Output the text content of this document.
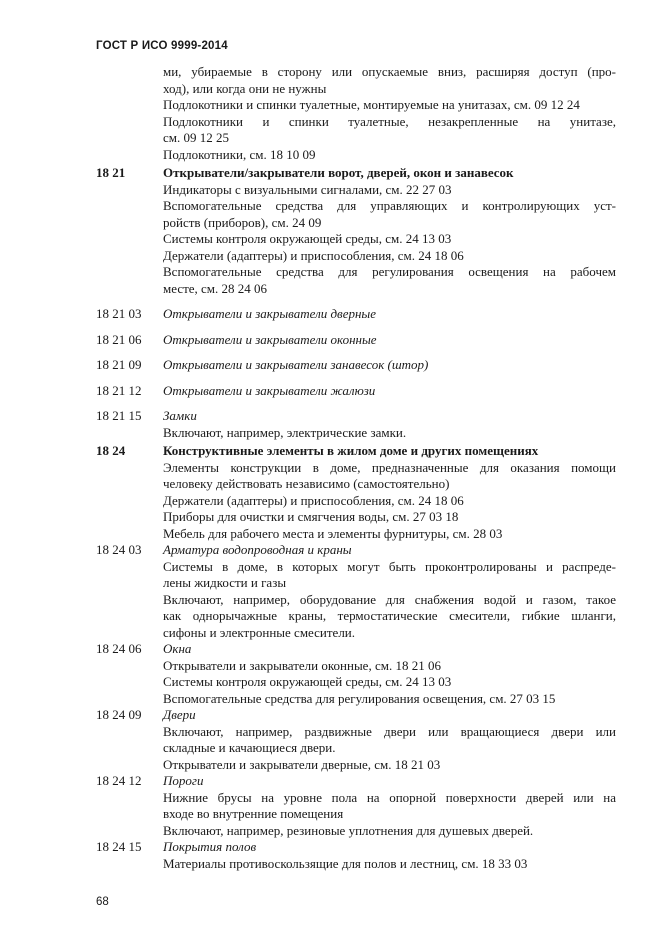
ГОСТ Р ИСО 9999-2014
ми, убираемые в сторону или опускаемые вниз, расширяя доступ (про-
ход), или когда они не нужны
Подлокотники и спинки туалетные, монтируемые на унитазах, см. 09 12 24
Подлокотники и спинки туалетные, незакрепленные на унитазе,
см. 09 12 25
Подлокотники, см. 18 10 09
18 21	Открыватели/закрыватели ворот, дверей, окон и занавесок
Индикаторы с визуальными сигналами, см. 22 27 03
Вспомогательные средства для управляющих и контролирующих уст-
ройств (приборов), см. 24 09
Системы контроля окружающей среды, см. 24 13 03
Держатели (адаптеры) и приспособления, см. 24 18 06
Вспомогательные средства для регулирования освещения на рабочем
месте, см. 28 24 06
18 21 03	Открыватели и закрыватели дверные
18 21 06	Открыватели и закрыватели оконные
18 21 09	Открыватели и закрыватели занавесок (штор)
18 21 12	Открыватели и закрыватели жалюзи
18 21 15	Замки
Включают, например, электрические замки.
18 24	Конструктивные элементы в жилом доме и других помещениях
Элементы конструкции в доме, предназначенные для оказания помощи
человеку действовать независимо (самостоятельно)
Держатели (адаптеры) и приспособления, см. 24 18 06
Приборы для очистки и смягчения воды, см. 27 03 18
Мебель для рабочего места и элементы фурнитуры, см. 28 03
18 24 03	Арматура водопроводная и краны
Системы в доме, в которых могут быть проконтролированы и распреде-
лены жидкости и газы
Включают, например, оборудование для снабжения водой и газом, такое
как однорычажные краны, термостатические смесители, гибкие шланги,
сифоны и электронные смесители.
18 24 06	Окна
Открыватели и закрыватели оконные, см. 18 21 06
Системы контроля окружающей среды, см. 24 13 03
Вспомогательные средства для регулирования освещения, см. 27 03 15
18 24 09	Двери
Включают, например, раздвижные двери или вращающиеся двери или
складные и качающиеся двери.
Открыватели и закрыватели дверные, см. 18 21 03
18 24 12	Пороги
Нижние брусы на уровне пола на опорной поверхности дверей или на
входе во внутренние помещения
Включают, например, резиновые уплотнения для душевых дверей.
18 24 15	Покрытия полов
Материалы противоскользящие для полов и лестниц, см. 18 33 03
68
